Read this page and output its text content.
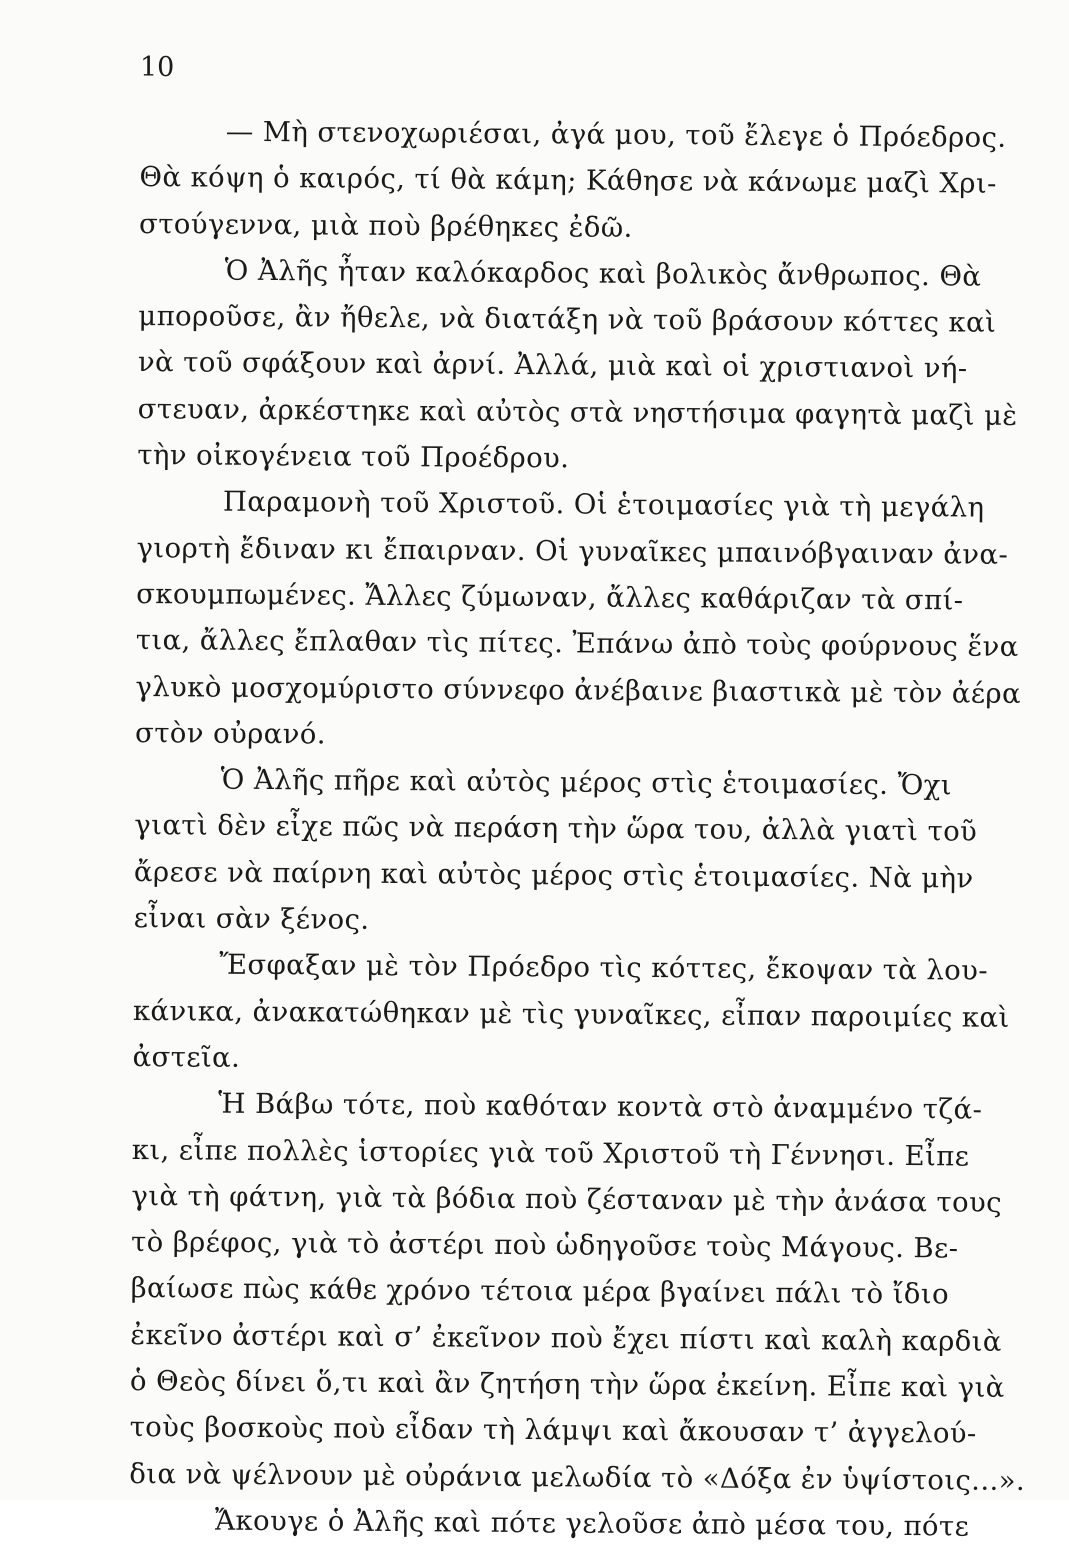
10
— Μὴ στενοχωριέσαι, ἀγά μου, τοῦ ἔλεγε ὁ Πρόεδρος.
Θὰ κόψη ὁ καιρός, τί θὰ κάμη; Κάθησε νὰ κάνωμε μαζὶ Χρι-
στούγεννα, μιὰ ποὺ βρέθηκες ἐδῶ.
Ὁ Ἀλῆς ἦταν καλόκαρδος καὶ βολικὸς ἄνθρωπος. Θὰ
μποροῦσε, ἂν ἤθελε, νὰ διατάξη νὰ τοῦ βράσουν κόττες καὶ
νὰ τοῦ σφάξουν καὶ ἀρνί. Ἀλλά, μιὰ καὶ οἱ χριστιανοὶ νή-
στευαν, ἀρκέστηκε καὶ αὐτὸς στὰ νηστήσιμα φαγητὰ μαζὶ μὲ
τὴν οἰκογένεια τοῦ Προέδρου.
Παραμονὴ τοῦ Χριστοῦ. Οἱ ἑτοιμασίες γιὰ τὴ μεγάλη
γιορτὴ ἔδιναν κι ἔπαιρναν. Οἱ γυναῖκες μπαινόβγαιναν ἀνα-
σκουμπωμένες. Ἄλλες ζύμωναν, ἄλλες καθάριζαν τὰ σπί-
τια, ἄλλες ἔπλαθαν τὶς πίτες. Ἐπάνω ἀπὸ τοὺς φούρνους ἕνα
γλυκὸ μοσχομύριστο σύννεφο ἀνέβαινε βιαστικὰ μὲ τὸν ἀέρα
στὸν οὐρανό.
Ὁ Ἀλῆς πῆρε καὶ αὐτὸς μέρος στὶς ἑτοιμασίες. Ὄχι
γιατὶ δὲν εἶχε πῶς νὰ περάση τὴν ὥρα του, ἀλλὰ γιατὶ τοῦ
ἄρεσε νὰ παίρνη καὶ αὐτὸς μέρος στὶς ἑτοιμασίες. Νὰ μὴν
εἶναι σὰν ξένος.
Ἔσφαξαν μὲ τὸν Πρόεδρο τὶς κόττες, ἔκοψαν τὰ λου-
κάνικα, ἀνακατώθηκαν μὲ τὶς γυναῖκες, εἶπαν παροιμίες καὶ
ἀστεῖα.
Ἡ Βάβω τότε, ποὺ καθόταν κοντὰ στὸ ἀναμμένο τζά-
κι, εἶπε πολλὲς ἱστορίες γιὰ τοῦ Χριστοῦ τὴ Γέννησι. Εἶπε
γιὰ τὴ φάτνη, γιὰ τὰ βόδια ποὺ ζέσταναν μὲ τὴν ἀνάσα τους
τὸ βρέφος, γιὰ τὸ ἀστέρι ποὺ ὡδηγοῦσε τοὺς Μάγους. Βε-
βαίωσε πὼς κάθε χρόνο τέτοια μέρα βγαίνει πάλι τὸ ἴδιο
ἐκεῖνο ἀστέρι καὶ σ’ ἐκεῖνον ποὺ ἔχει πίστι καὶ καλὴ καρδιὰ
ὁ Θεὸς δίνει ὅ,τι καὶ ἂν ζητήση τὴν ὥρα ἐκείνη. Εἶπε καὶ γιὰ
τοὺς βοσκοὺς ποὺ εἶδαν τὴ λάμψι καὶ ἄκουσαν τ’ ἀγγελού-
δια νὰ ψέλνουν μὲ οὐράνια μελωδία τὸ «Δόξα ἐν ὑψίστοις...».
Ἄκουγε ὁ Ἀλῆς καὶ πότε γελοῦσε ἀπὸ μέσα του, πότε
